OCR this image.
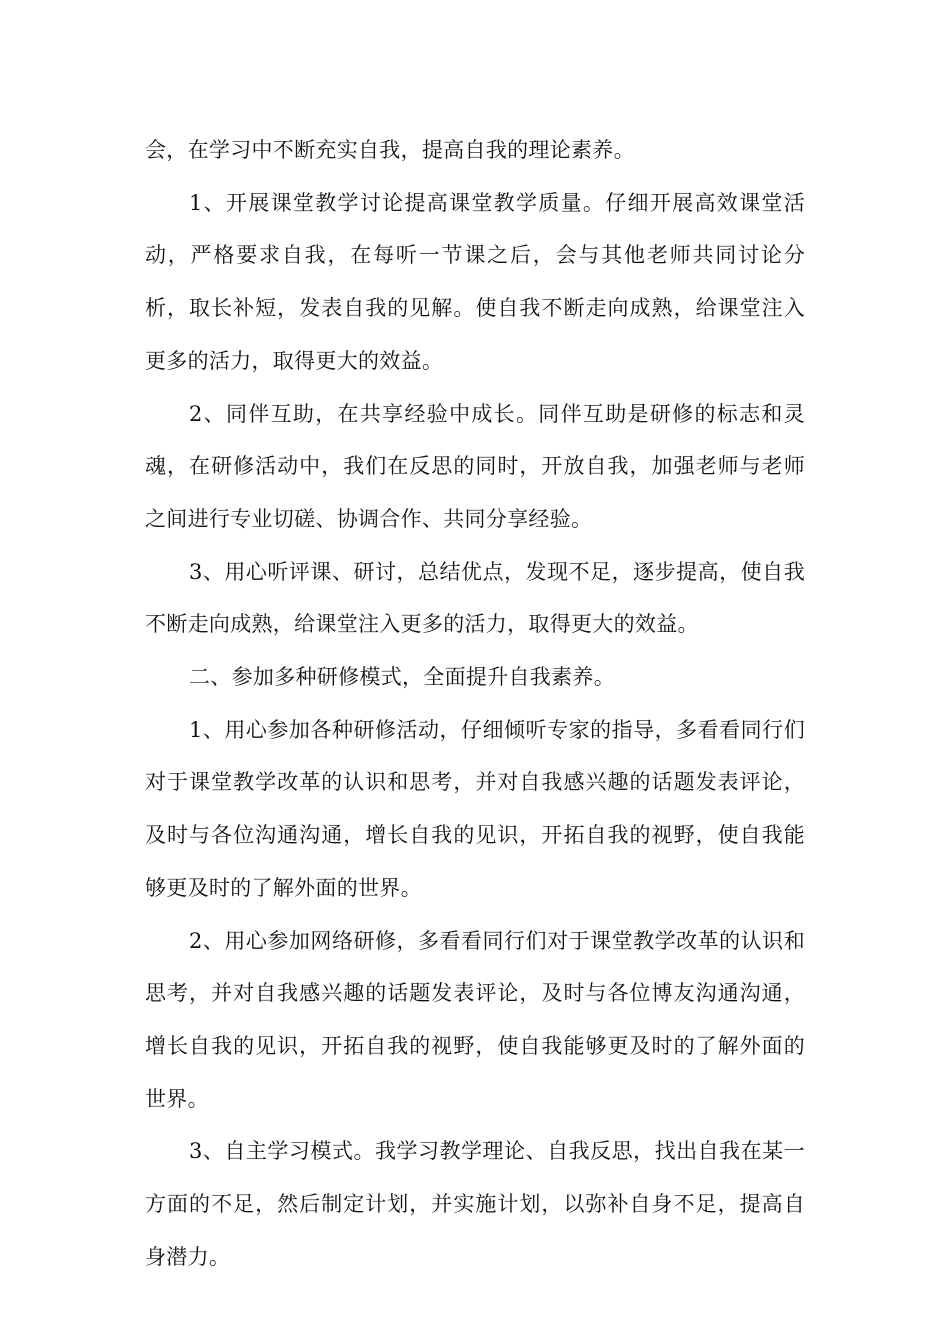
会，在学习中不断充实自我，提高自我的理论素养。

1、开展课堂教学讨论提高课堂教学质量。仔细开展高效课堂活动，严格要求自我，在每听一节课之后，会与其他老师共同讨论分析，取长补短，发表自我的见解。使自我不断走向成熟，给课堂注入更多的活力，取得更大的效益。

2、同伴互助，在共享经验中成长。同伴互助是研修的标志和灵魂，在研修活动中，我们在反思的同时，开放自我，加强老师与老师之间进行专业切磋、协调合作、共同分享经验。

3、用心听评课、研讨，总结优点，发现不足，逐步提高，使自我不断走向成熟，给课堂注入更多的活力，取得更大的效益。

二、参加多种研修模式，全面提升自我素养。

1、用心参加各种研修活动，仔细倾听专家的指导，多看看同行们对于课堂教学改革的认识和思考，并对自我感兴趣的话题发表评论，及时与各位沟通沟通，增长自我的见识，开拓自我的视野，使自我能够更及时的了解外面的世界。

2、用心参加网络研修，多看看同行们对于课堂教学改革的认识和思考，并对自我感兴趣的话题发表评论，及时与各位博友沟通沟通，增长自我的见识，开拓自我的视野，使自我能够更及时的了解外面的世界。

3、自主学习模式。我学习教学理论、自我反思，找出自我在某一方面的不足，然后制定计划，并实施计划，以弥补自身不足，提高自身潜力。
